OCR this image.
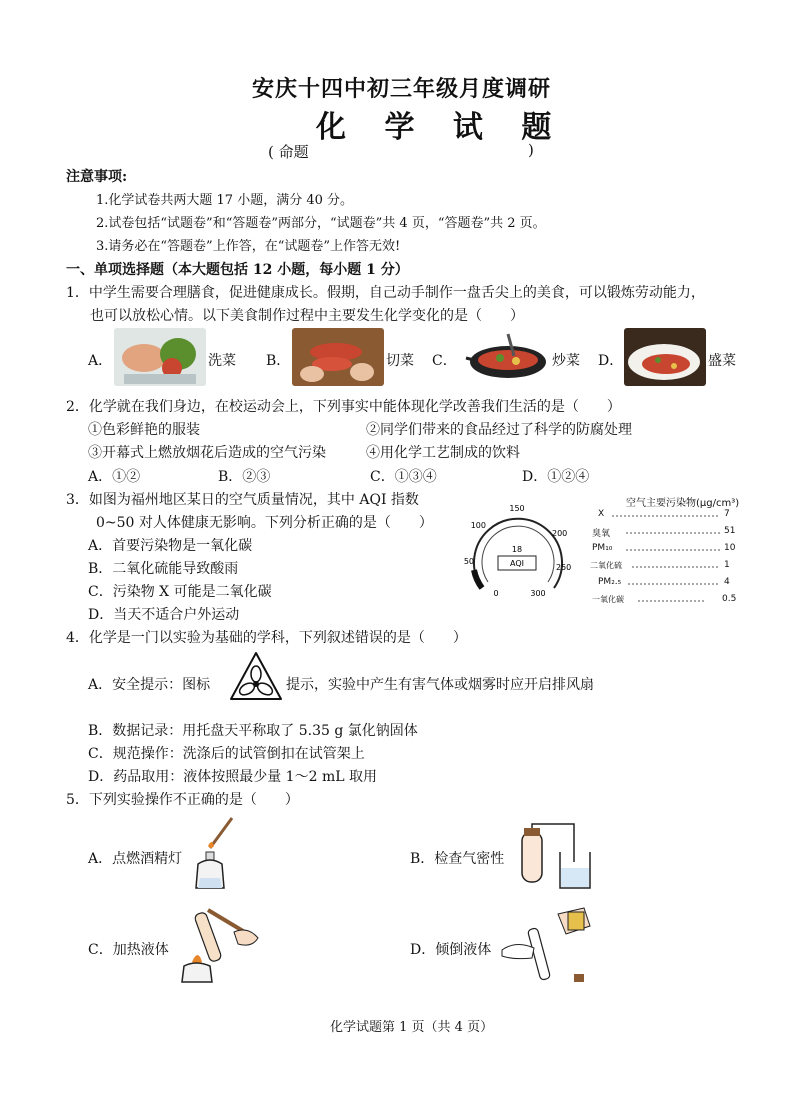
安庆十四中初三年级月度调研
化 学 试 题
( 命题	)
注意事项:
1.化学试卷共两大题 17 小题，满分 40 分。
2.试卷包括“试题卷”和“答题卷”两部分，“试题卷”共 4 页，“答题卷”共 2 页。
3.请务必在“答题卷”上作答，在“试题卷”上作答无效!
一、单项选择题（本大题包括 12 小题，每小题 1 分）
1．中学生需要合理膳食，促进健康成长。假期，自己动手制作一盘舌尖上的美食，可以锻炼劳动能力，
也可以放松心情。以下美食制作过程中主要发生化学变化的是（　　）
A．	洗菜 B．	切菜 C．	炒菜 D．	盛菜
2．化学就在我们身边，在校运动会上，下列事实中能体现化学改善我们生活的是（　　）
①色彩鲜艳的服装	②同学们带来的食品经过了科学的防腐处理
③开幕式上燃放烟花后造成的空气污染	④用化学工艺制成的饮料
A．①②	B．②③	C．①③④	D．①②④
3．如图为福州地区某日的空气质量情况，其中 AQI 指数
0~50 对人体健康无影响。下列分析正确的是（　　）
A．首要污染物是一氧化碳
B．二氧化硫能导致酸雨
C．污染物 X 可能是二氧化碳
D．当天不适合户外运动
18
AQI
0
50
100
150
200
250
300
空气主要污染物(μg/cm³)
X	7
臭氧	51
PM₁₀	10
二氧化硫	1
PM₂.₅	4
一氧化碳	0.5
4．化学是一门以实验为基础的学科，下列叙述错误的是（　　）
A．安全提示：图标	提示，实验中产生有害气体或烟雾时应开启排风扇
B．数据记录：用托盘天平称取了 5.35 g 氯化钠固体
C．规范操作：洗涤后的试管倒扣在试管架上
D．药品取用：液体按照最少量 1～2 mL 取用
5．下列实验操作不正确的是（　　）
A．点燃酒精灯	B．检查气密性
C．加热液体	D．倾倒液体
化学试题第 1 页（共 4 页）
